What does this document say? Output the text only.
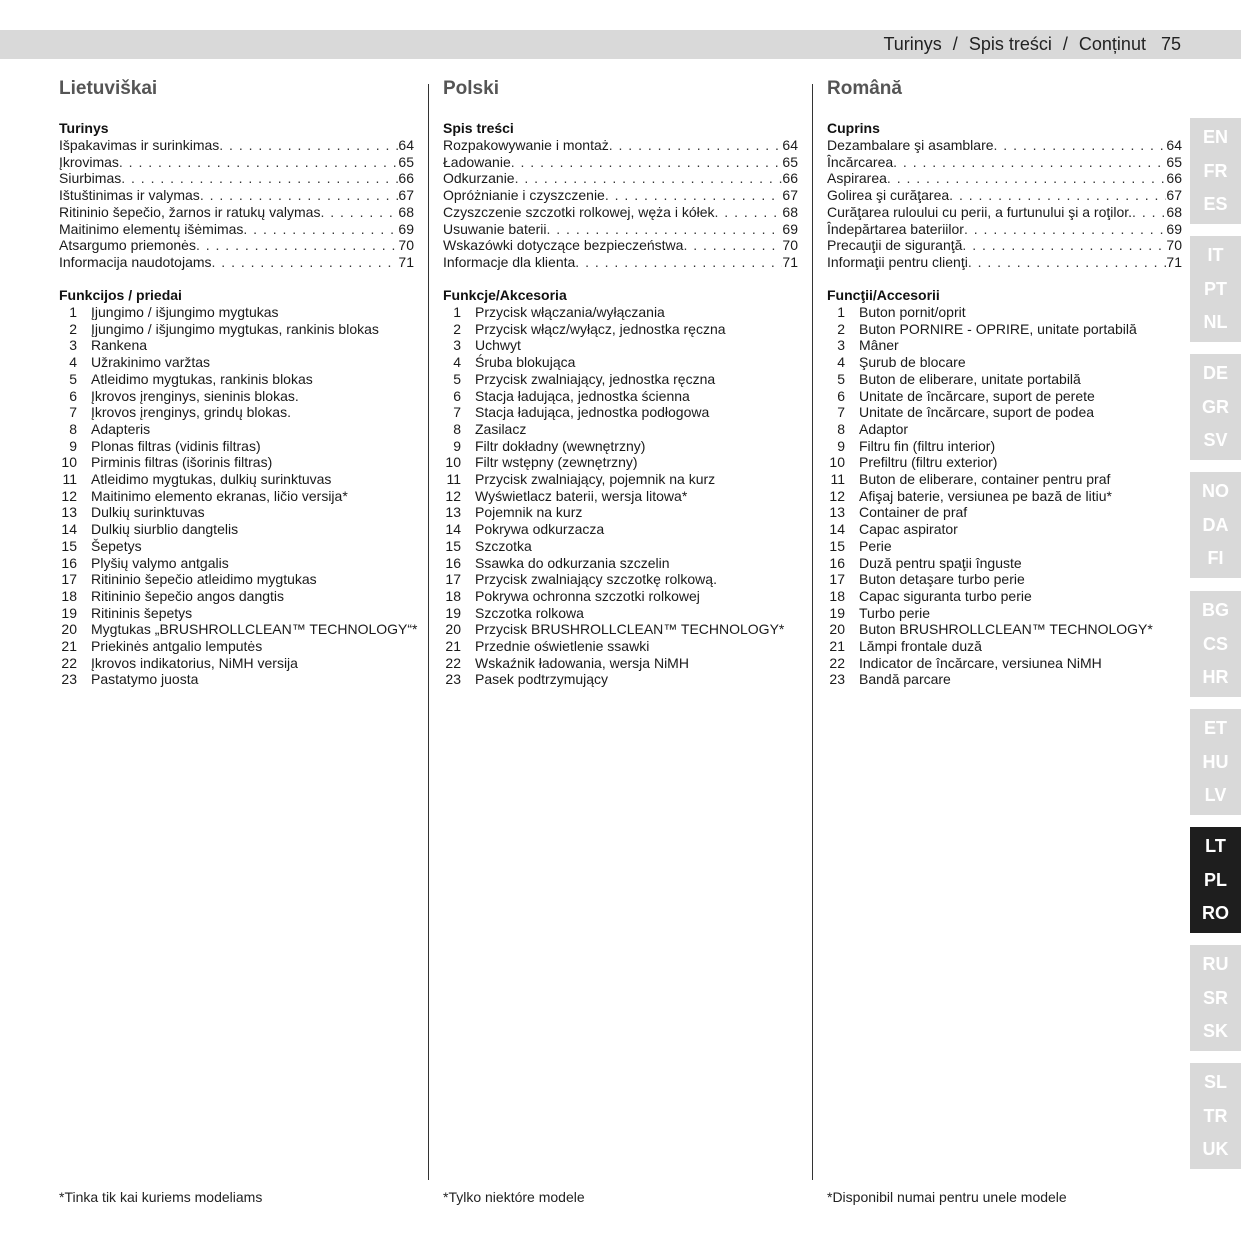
Turinys / Spis treści / Conținut 75
Lietuviškai
Turinys
Išpakavimas ir surinkimas . . .	64
Įkrovimas . . .	65
Siurbimas . . .	66
Ištuštinimas ir valymas . . .	67
Ritininio šepečio, žarnos ir ratukų valymas . . .	68
Maitinimo elementų išėmimas . . .	69
Atsargumo priemonės . . .	70
Informacija naudotojams . . .	71
Funkcijos / priedai
1	Įjungimo / išjungimo mygtukas
2	Įjungimo / išjungimo mygtukas, rankinis blokas
3	Rankena
4	Užrakinimo varžtas
5	Atleidimo mygtukas, rankinis blokas
6	Įkrovos įrenginys, sieninis blokas.
7	Įkrovos įrenginys, grindų blokas.
8	Adapteris
9	Plonas filtras (vidinis filtras)
10	Pirminis filtras (išorinis filtras)
11	Atleidimo mygtukas, dulkių surinktuvas
12	Maitinimo elemento ekranas, ličio versija*
13	Dulkių surinktuvas
14	Dulkių siurblio dangtelis
15	Šepetys
16	Plyšių valymo antgalis
17	Ritininio šepečio atleidimo mygtukas
18	Ritininio šepečio angos dangtis
19	Ritininis šepetys
20	Mygtukas „BRUSHROLLCLEAN™ TECHNOLOGY“*
21	Priekinės antgalio lemputės
22	Įkrovos indikatorius, NiMH versija
23	Pastatymo juosta
Polski
Spis treści
Rozpakowywanie i montaż . . .	64
Ładowanie . . .	65
Odkurzanie . . .	66
Opróżnianie i czyszczenie . . .	67
Czyszczenie szczotki rolkowej, węża i kółek . . .	68
Usuwanie baterii . . .	69
Wskazówki dotyczące bezpieczeństwa . . .	70
Informacje dla klienta . . .	71
Funkcje/Akcesoria
1	Przycisk włączania/wyłączania
2	Przycisk włącz/wyłącz, jednostka ręczna
3	Uchwyt
4	Śruba blokująca
5	Przycisk zwalniający, jednostka ręczna
6	Stacja ładująca, jednostka ścienna
7	Stacja ładująca, jednostka podłogowa
8	Zasilacz
9	Filtr dokładny (wewnętrzny)
10	Filtr wstępny (zewnętrzny)
11	Przycisk zwalniający, pojemnik na kurz
12	Wyświetlacz baterii, wersja litowa*
13	Pojemnik na kurz
14	Pokrywa odkurzacza
15	Szczotka
16	Ssawka do odkurzania szczelin
17	Przycisk zwalniający szczotkę rolkową.
18	Pokrywa ochronna szczotki rolkowej
19	Szczotka rolkowa
20	Przycisk BRUSHROLLCLEAN™ TECHNOLOGY*
21	Przednie oświetlenie ssawki
22	Wskaźnik ładowania, wersja NiMH
23	Pasek podtrzymujący
Română
Cuprins
Dezambalare şi asamblare . . .	64
Încărcarea . . .	65
Aspirarea . . .	66
Golirea şi curăţarea . . .	67
Curăţarea ruloului cu perii, a furtunului şi a roţilor. . . . 68
Îndepărtarea bateriilor . . .	69
Precauţii de siguranţă . . .	70
Informaţii pentru clienţi . . .	71
Funcţii/Accesorii
1	Buton pornit/oprit
2	Buton PORNIRE - OPRIRE, unitate portabilă
3	Mâner
4	Şurub de blocare
5	Buton de eliberare, unitate portabilă
6	Unitate de încărcare, suport de perete
7	Unitate de încărcare, suport de podea
8	Adaptor
9	Filtru fin (filtru interior)
10	Prefiltru (filtru exterior)
11	Buton de eliberare, container pentru praf
12	Afişaj baterie, versiunea pe bază de litiu*
13	Container de praf
14	Capac aspirator
15	Perie
16	Duză pentru spaţii înguste
17	Buton detaşare turbo perie
18	Capac siguranta turbo perie
19	Turbo perie
20	Buton BRUSHROLLCLEAN™ TECHNOLOGY*
21	Lămpi frontale duză
22	Indicator de încărcare, versiunea NiMH
23	Bandă parcare
*Tinka tik kai kuriems modeliams	*Tylko niektóre modele	*Disponibil numai pentru unele modele
EN
FR
ES
IT
PT
NL
DE
GR
SV
NO
DA
FI
BG
CS
HR
ET
HU
LV
LT
PL
RO
RU
SR
SK
SL
TR
UK
